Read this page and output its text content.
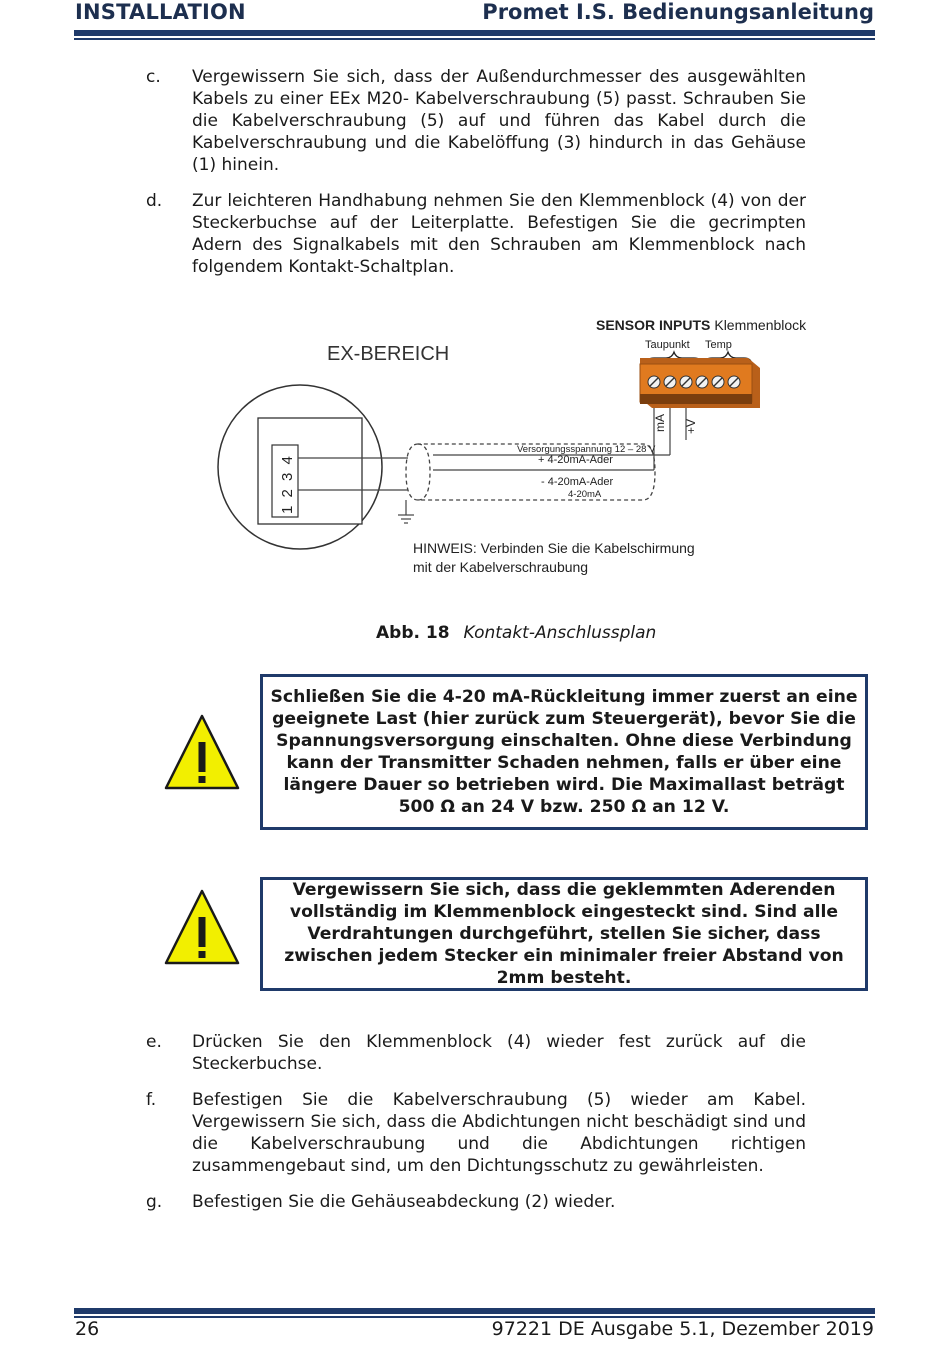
INSTALLATION	Promet I.S. Bedienungsanleitung
c.	Vergewissern Sie sich, dass der Außendurchmesser des ausgewählten Kabels zu einer EEx M20- Kabelverschraubung (5) passt. Schrauben Sie die Kabelverschraubung (5) auf und führen das Kabel durch die Kabelverschraubung und die Kabelöffung (3) hindurch in das Gehäuse (1) hinein.
d.	Zur leichteren Handhabung nehmen Sie den Klemmenblock (4) von der Steckerbuchse auf der Leiterplatte. Befestigen Sie die gecrimpten Adern des Signalkabels mit den Schrauben am Klemmenblock nach folgendem Kontakt-Schaltplan.
EX-BEREICH
SENSOR INPUTS Klemmenblock
Taupunkt Temp
mA +V
1 2 3 4
Versorgungsspannung 12 – 28 V
+ 4-20mA-Ader
- 4-20mA-Ader
4-20mA
HINWEIS: Verbinden Sie die Kabelschirmung
mit der Kabelverschraubung
Abb. 18 Kontakt-Anschlussplan
Schließen Sie die 4-20 mA-Rückleitung immer zuerst an eine geeignete Last (hier zurück zum Steuergerät), bevor Sie die Spannungsversorgung einschalten. Ohne diese Verbindung kann der Transmitter Schaden nehmen, falls er über eine längere Dauer so betrieben wird. Die Maximallast beträgt 500 Ω an 24 V bzw. 250 Ω an 12 V.
Vergewissern Sie sich, dass die geklemmten Aderenden vollständig im Klemmenblock eingesteckt sind. Sind alle Verdrahtungen durchgeführt, stellen Sie sicher, dass zwischen jedem Stecker ein minimaler freier Abstand von 2mm besteht.
e.	Drücken Sie den Klemmenblock (4) wieder fest zurück auf die Steckerbuchse.
f.	Befestigen Sie die Kabelverschraubung (5) wieder am Kabel. Vergewissern Sie sich, dass die Abdichtungen nicht beschädigt sind und die Kabelverschraubung und die Abdichtungen richtigen zusammengebaut sind, um den Dichtungsschutz zu gewährleisten.
g.	Befestigen Sie die Gehäuseabdeckung (2) wieder.
26	97221 DE Ausgabe 5.1, Dezember 2019
